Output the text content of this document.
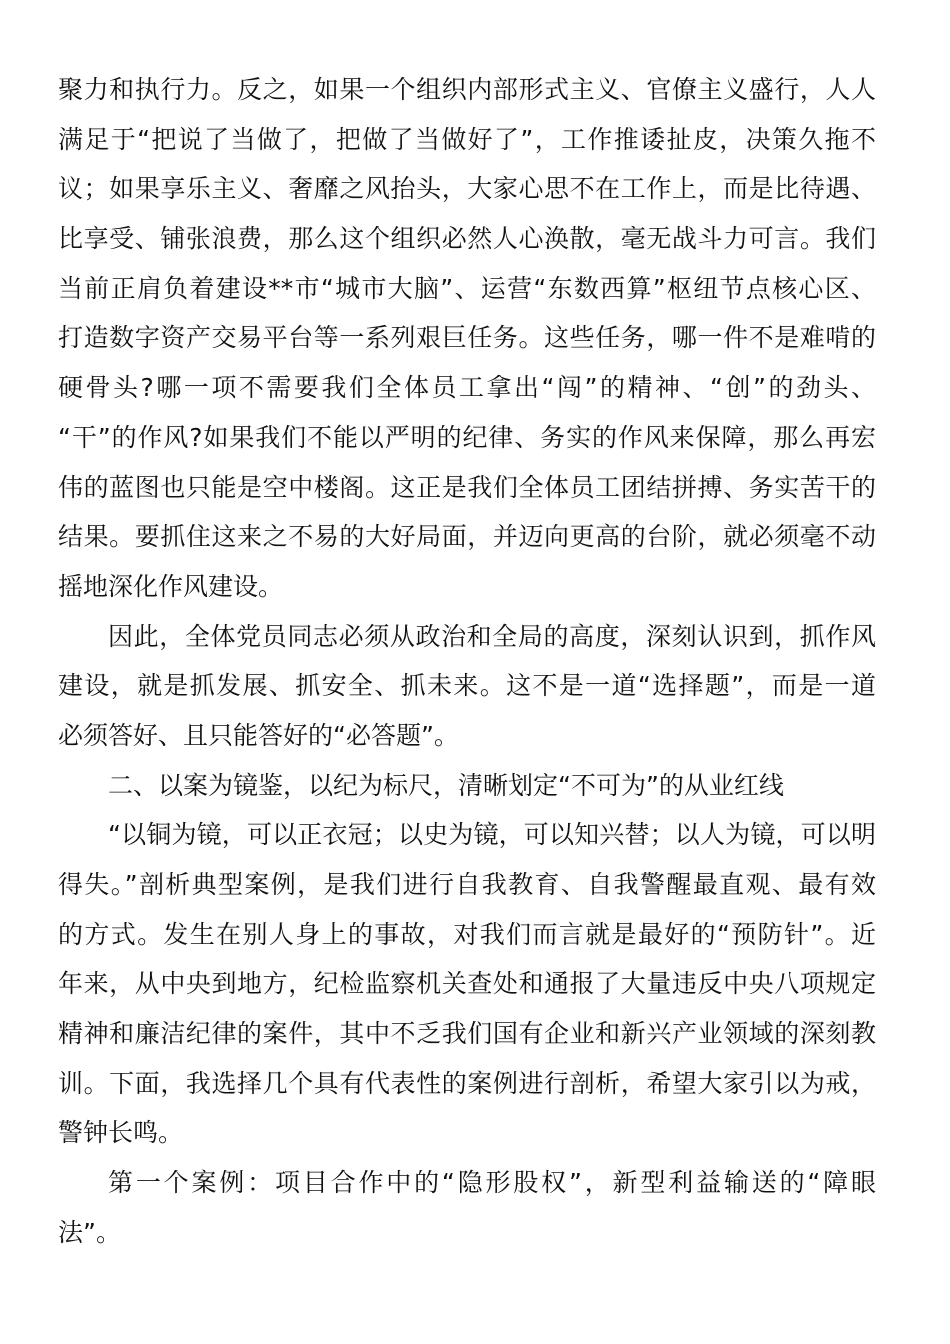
聚力和执行力。反之，如果一个组织内部形式主义、官僚主义盛行，人人
满足于“把说了当做了，把做了当做好了”，工作推诿扯皮，决策久拖不
议；如果享乐主义、奢靡之风抬头，大家心思不在工作上，而是比待遇、
比享受、铺张浪费，那么这个组织必然人心涣散，毫无战斗力可言。我们
当前正肩负着建设**市“城市大脑”、运营“东数西算”枢纽节点核心区、
打造数字资产交易平台等一系列艰巨任务。这些任务，哪一件不是难啃的
硬骨头?哪一项不需要我们全体员工拿出“闯”的精神、“创”的劲头、
“干”的作风?如果我们不能以严明的纪律、务实的作风来保障，那么再宏
伟的蓝图也只能是空中楼阁。这正是我们全体员工团结拼搏、务实苦干的
结果。要抓住这来之不易的大好局面，并迈向更高的台阶，就必须毫不动
摇地深化作风建设。
因此，全体党员同志必须从政治和全局的高度，深刻认识到，抓作风
建设，就是抓发展、抓安全、抓未来。这不是一道“选择题”，而是一道
必须答好、且只能答好的“必答题”。
二、以案为镜鉴，以纪为标尺，清晰划定“不可为”的从业红线
“以铜为镜，可以正衣冠；以史为镜，可以知兴替；以人为镜，可以明
得失。”剖析典型案例，是我们进行自我教育、自我警醒最直观、最有效
的方式。发生在别人身上的事故，对我们而言就是最好的“预防针”。近
年来，从中央到地方，纪检监察机关查处和通报了大量违反中央八项规定
精神和廉洁纪律的案件，其中不乏我们国有企业和新兴产业领域的深刻教
训。下面，我选择几个具有代表性的案例进行剖析，希望大家引以为戒，
警钟长鸣。
第一个案例：项目合作中的“隐形股权”，新型利益输送的“障眼
法”。
